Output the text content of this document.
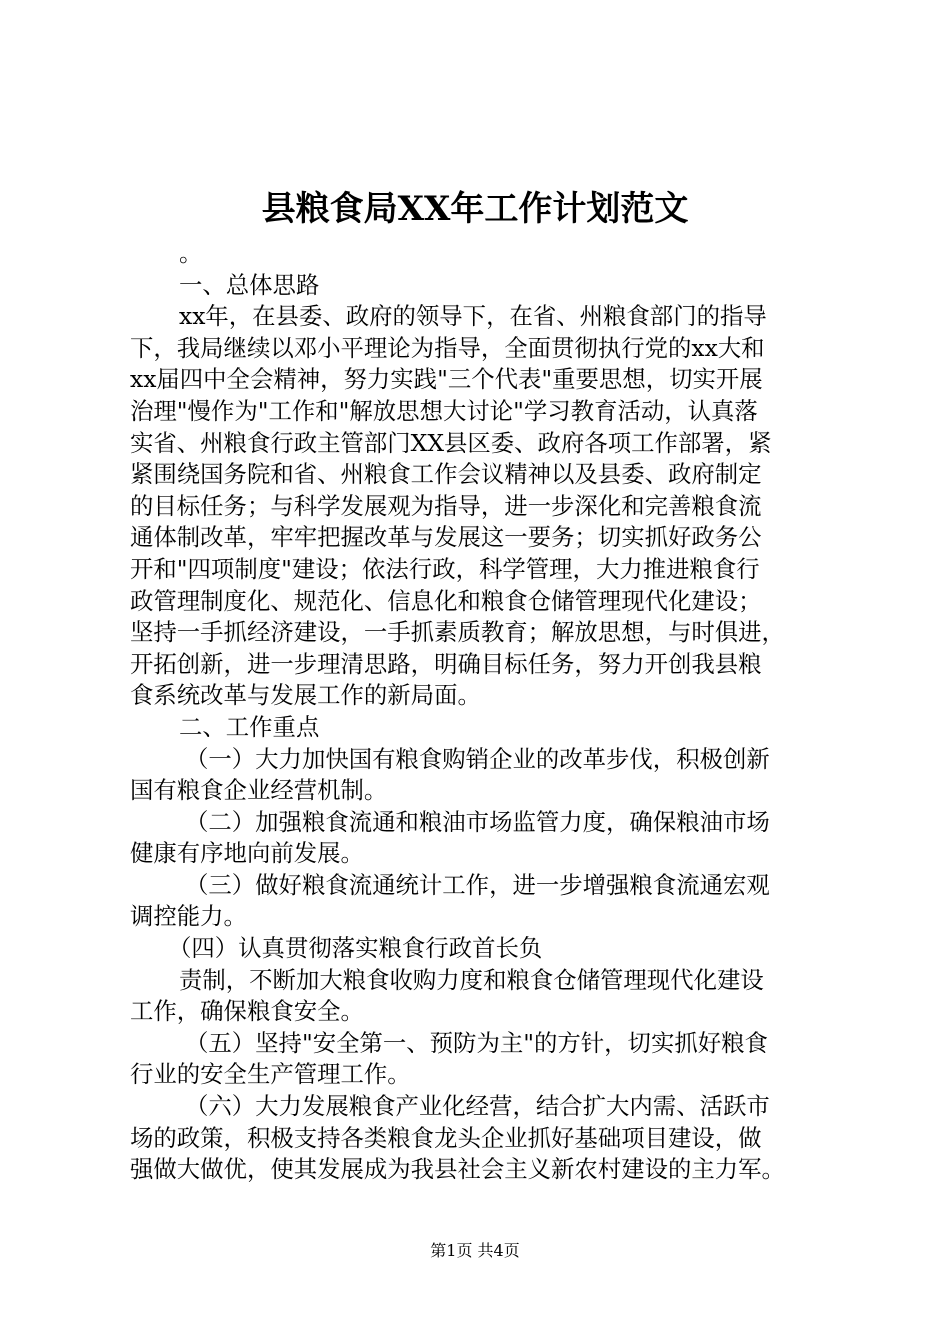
县粮食局XX年工作计划范文
。
一、总体思路
xx年，在县委、政府的领导下，在省、州粮食部门的指导
下，我局继续以邓小平理论为指导，全面贯彻执行党的xx大和
xx届四中全会精神，努力实践"三个代表"重要思想，切实开展
治理"慢作为"工作和"解放思想大讨论"学习教育活动，认真落
实省、州粮食行政主管部门XX县区委、政府各项工作部署，紧
紧围绕国务院和省、州粮食工作会议精神以及县委、政府制定
的目标任务；与科学发展观为指导，进一步深化和完善粮食流
通体制改革，牢牢把握改革与发展这一要务；切实抓好政务公
开和"四项制度"建设；依法行政，科学管理，大力推进粮食行
政管理制度化、规范化、信息化和粮食仓储管理现代化建设；
坚持一手抓经济建设，一手抓素质教育；解放思想，与时俱进，
开拓创新，进一步理清思路，明确目标任务，努力开创我县粮
食系统改革与发展工作的新局面。
二、工作重点
（一）大力加快国有粮食购销企业的改革步伐，积极创新
国有粮食企业经营机制。
（二）加强粮食流通和粮油市场监管力度，确保粮油市场
健康有序地向前发展。
（三）做好粮食流通统计工作，进一步增强粮食流通宏观
调控能力。
（四）认真贯彻落实粮食行政首长负
责制，不断加大粮食收购力度和粮食仓储管理现代化建设
工作，确保粮食安全。
（五）坚持"安全第一、预防为主"的方针，切实抓好粮食
行业的安全生产管理工作。
（六）大力发展粮食产业化经营，结合扩大内需、活跃市
场的政策，积极支持各类粮食龙头企业抓好基础项目建设，做
强做大做优，使其发展成为我县社会主义新农村建设的主力军。
第1页 共4页
